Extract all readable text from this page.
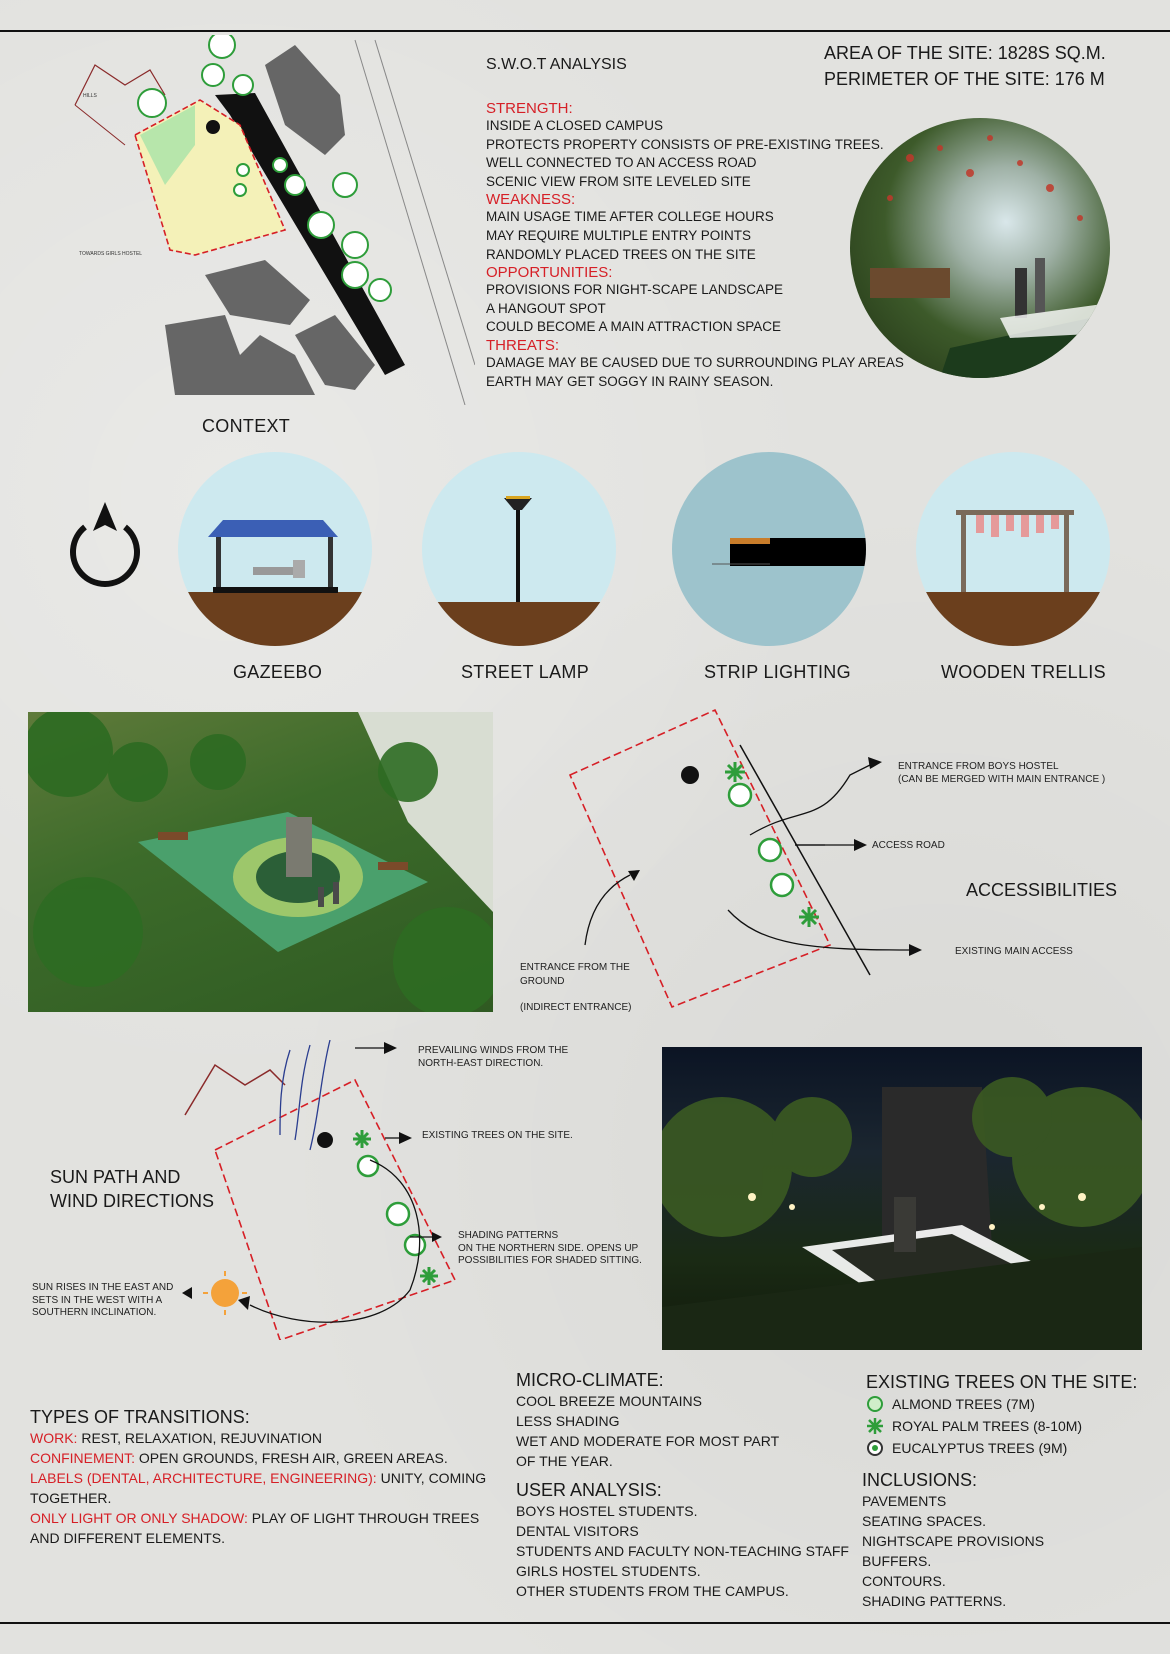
HILLS
TOWARDS GIRLS HOSTEL
CONTEXT
S.W.O.T ANALYSIS
STRENGTH:
INSIDE A CLOSED CAMPUS
PROTECTS PROPERTY CONSISTS OF PRE-EXISTING TREES.
WELL CONNECTED TO AN ACCESS ROAD
SCENIC VIEW FROM SITE LEVELED SITE
WEAKNESS:
MAIN USAGE TIME AFTER COLLEGE HOURS
MAY REQUIRE MULTIPLE ENTRY POINTS
RANDOMLY PLACED TREES ON THE SITE
OPPORTUNITIES:
PROVISIONS FOR NIGHT-SCAPE LANDSCAPE
A HANGOUT SPOT
COULD BECOME A MAIN ATTRACTION SPACE
THREATS:
DAMAGE MAY BE CAUSED DUE TO SURROUNDING PLAY AREAS
EARTH MAY GET SOGGY IN RAINY SEASON.
AREA OF THE SITE: 1828S SQ.M.
PERIMETER OF THE SITE: 176 M
GAZEEBO	STREET LAMP	STRIP LIGHTING	WOODEN TRELLIS
ENTRANCE FROM BOYS HOSTEL
(CAN BE MERGED WITH MAIN ENTRANCE )
ACCESS ROAD
ACCESSIBILITIES
EXISTING MAIN ACCESS
ENTRANCE FROM THE
GROUND
(INDIRECT ENTRANCE)
PREVAILING WINDS FROM THE
NORTH-EAST DIRECTION.
EXISTING TREES ON THE SITE.
SHADING PATTERNS
ON THE NORTHERN SIDE. OPENS UP
POSSIBILITIES FOR SHADED SITTING.
SUN RISES IN THE EAST AND
SETS IN THE WEST WITH A
SOUTHERN INCLINATION.
SUN PATH AND
WIND DIRECTIONS
TYPES OF TRANSITIONS:
WORK: REST, RELAXATION, REJUVINATION
CONFINEMENT: OPEN GROUNDS, FRESH AIR, GREEN AREAS.
LABELS (DENTAL, ARCHITECTURE, ENGINEERING): UNITY, COMING TOGETHER.
ONLY LIGHT OR ONLY SHADOW: PLAY OF LIGHT THROUGH TREES AND DIFFERENT ELEMENTS.
MICRO-CLIMATE:
COOL BREEZE MOUNTAINS
LESS SHADING
WET AND MODERATE FOR MOST PART
OF THE YEAR.
USER ANALYSIS:
BOYS HOSTEL STUDENTS.
DENTAL VISITORS
STUDENTS AND FACULTY NON-TEACHING STAFF
GIRLS HOSTEL STUDENTS.
OTHER STUDENTS FROM THE CAMPUS.
EXISTING TREES ON THE SITE:
ALMOND TREES (7M)
ROYAL PALM TREES (8-10M)
EUCALYPTUS TREES (9M)
INCLUSIONS:
PAVEMENTS
SEATING SPACES.
NIGHTSCAPE PROVISIONS
BUFFERS.
CONTOURS.
SHADING PATTERNS.
